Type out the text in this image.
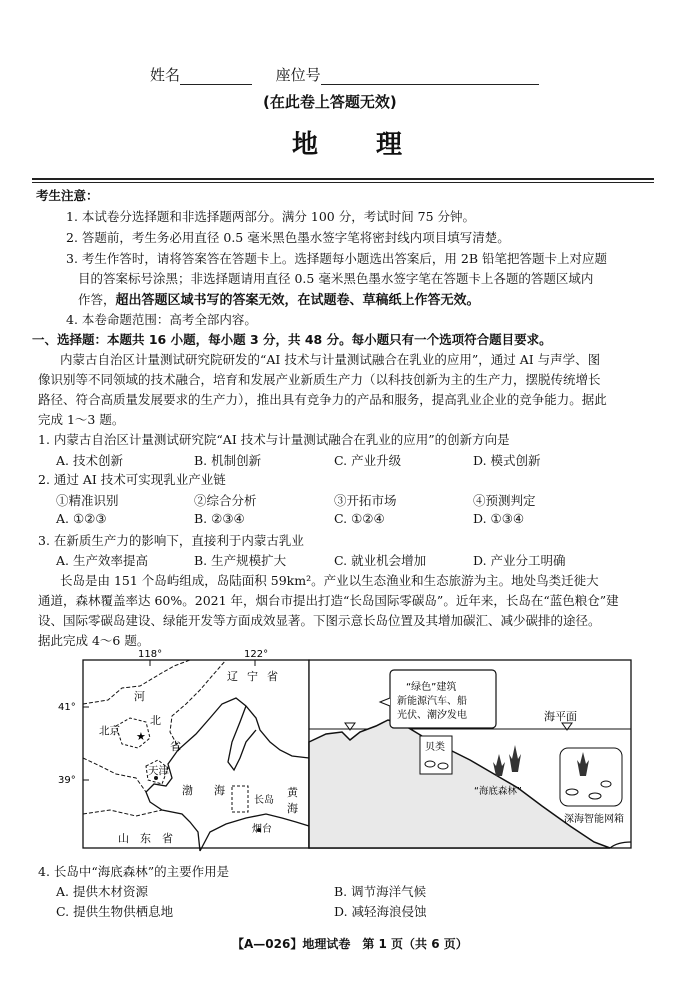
姓名	座位号
(在此卷上答题无效)
地　　理
考生注意：
1. 本试卷分选择题和非选择题两部分。满分 100 分，考试时间 75 分钟。
2. 答题前，考生务必用直径 0.5 毫米黑色墨水签字笔将密封线内项目填写清楚。
3. 考生作答时，请将答案答在答题卡上。选择题每小题选出答案后，用 2B 铅笔把答题卡上对应题
目的答案标号涂黑；非选择题请用直径 0.5 毫米黑色墨水签字笔在答题卡上各题的答题区域内
作答，超出答题区域书写的答案无效，在试题卷、草稿纸上作答无效。
4. 本卷命题范围：高考全部内容。
一、选择题：本题共 16 小题，每小题 3 分，共 48 分。每小题只有一个选项符合题目要求。
内蒙古自治区计量测试研究院研发的“AI 技术与计量测试融合在乳业的应用”，通过 AI 与声学、图
像识别等不同领域的技术融合，培育和发展产业新质生产力（以科技创新为主的生产力，摆脱传统增长
路径、符合高质量发展要求的生产力），推出具有竞争力的产品和服务，提高乳业企业的竞争能力。据此
完成 1～3 题。
1. 内蒙古自治区计量测试研究院“AI 技术与计量测试融合在乳业的应用”的创新方向是
A. 技术创新	B. 机制创新	C. 产业升级	D. 模式创新
2. 通过 AI 技术可实现乳业产业链
①精准识别	②综合分析	③开拓市场	④预测判定
A. ①②③	B. ②③④	C. ①②④	D. ①③④
3. 在新质生产力的影响下，直接利于内蒙古乳业
A. 生产效率提高	B. 生产规模扩大	C. 就业机会增加	D. 产业分工明确
长岛是由 151 个岛屿组成，岛陆面积 59km²。产业以生态渔业和生态旅游为主。地处鸟类迁徙大
通道，森林覆盖率达 60%。2021 年，烟台市提出打造“长岛国际零碳岛”。近年来，长岛在“蓝色粮仓”建
设、国际零碳岛建设、绿能开发等方面成效显著。下图示意长岛位置及其增加碳汇、减少碳排的途径。
据此完成 4～6 题。
118°	122°
41°
39°
★
辽 宁 省
河
北
省
北京
天津
渤 海
长岛
黄
海
山 东 省
烟台
海平面
“绿色”建筑
新能源汽车、船
光伏、潮汐发电
贝类
“海底森林”
深海智能网箱
4. 长岛中“海底森林”的主要作用是
A. 提供木材资源	B. 调节海洋气候
C. 提供生物供栖息地	D. 减轻海浪侵蚀
【A—026】地理试卷　第 1 页（共 6 页）
